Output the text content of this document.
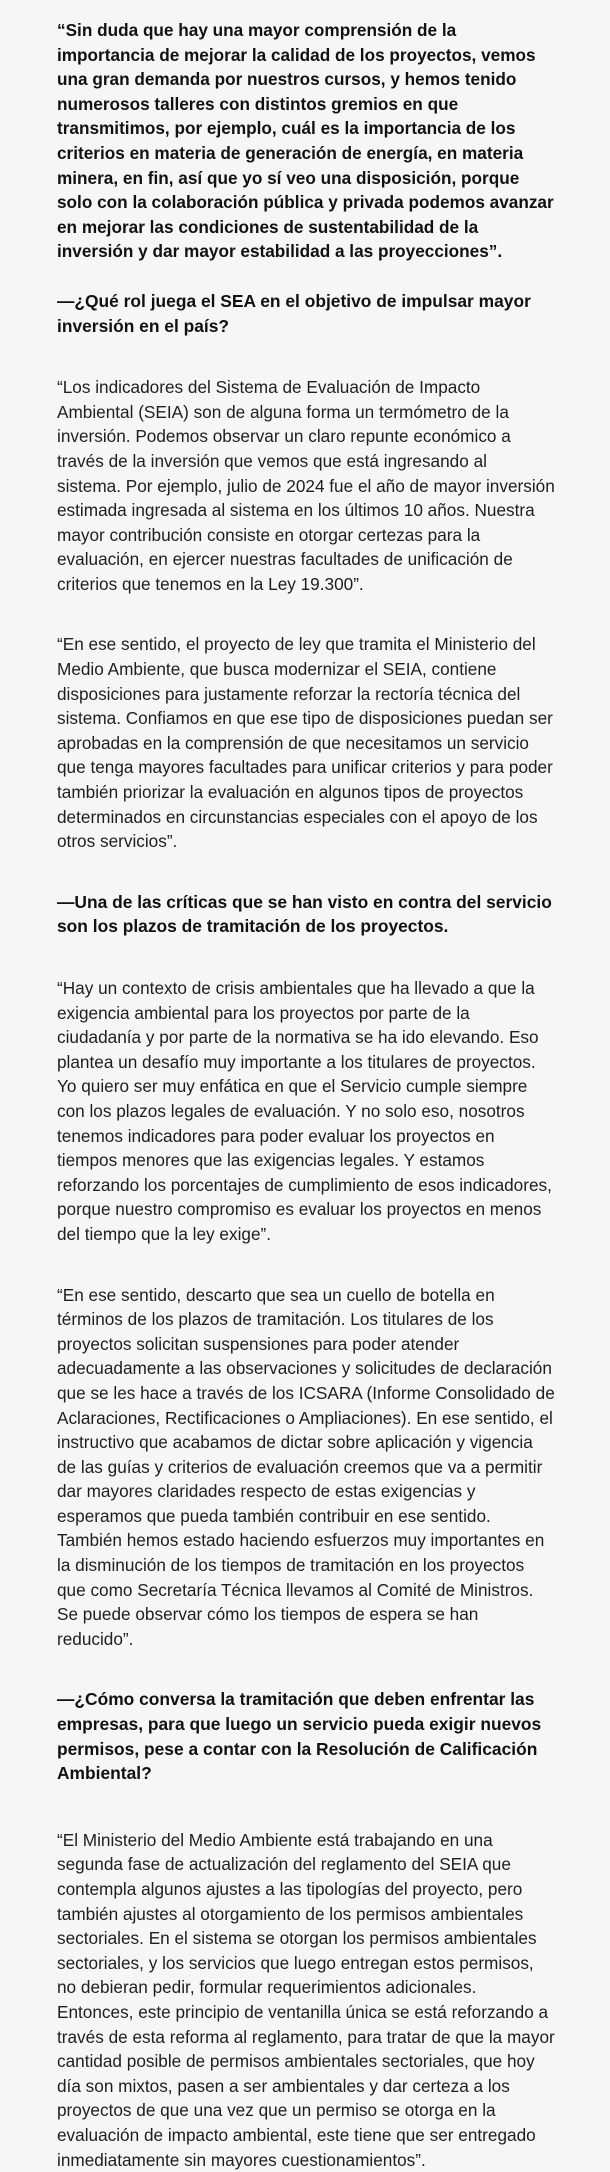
“Sin duda que hay una mayor comprensión de la importancia de mejorar la calidad de los proyectos, vemos una gran demanda por nuestros cursos, y hemos tenido numerosos talleres con distintos gremios en que transmitimos, por ejemplo, cuál es la importancia de los criterios en materia de generación de energía, en materia minera, en fin, así que yo sí veo una disposición, porque solo con la colaboración pública y privada podemos avanzar en mejorar las condiciones de sustentabilidad de la inversión y dar mayor estabilidad a las proyecciones”.

—¿Qué rol juega el SEA en el objetivo de impulsar mayor inversión en el país?

“Los indicadores del Sistema de Evaluación de Impacto Ambiental (SEIA) son de alguna forma un termómetro de la inversión. Podemos observar un claro repunte económico a través de la inversión que vemos que está ingresando al sistema. Por ejemplo, julio de 2024 fue el año de mayor inversión estimada ingresada al sistema en los últimos 10 años. Nuestra mayor contribución consiste en otorgar certezas para la evaluación, en ejercer nuestras facultades de unificación de criterios que tenemos en la Ley 19.300”.

“En ese sentido, el proyecto de ley que tramita el Ministerio del Medio Ambiente, que busca modernizar el SEIA, contiene disposiciones para justamente reforzar la rectoría técnica del sistema. Confiamos en que ese tipo de disposiciones puedan ser aprobadas en la comprensión de que necesitamos un servicio que tenga mayores facultades para unificar criterios y para poder también priorizar la evaluación en algunos tipos de proyectos determinados en circunstancias especiales con el apoyo de los otros servicios”.

—Una de las críticas que se han visto en contra del servicio son los plazos de tramitación de los proyectos.

“Hay un contexto de crisis ambientales que ha llevado a que la exigencia ambiental para los proyectos por parte de la ciudadanía y por parte de la normativa se ha ido elevando. Eso plantea un desafío muy importante a los titulares de proyectos. Yo quiero ser muy enfática en que el Servicio cumple siempre con los plazos legales de evaluación. Y no solo eso, nosotros tenemos indicadores para poder evaluar los proyectos en tiempos menores que las exigencias legales. Y estamos reforzando los porcentajes de cumplimiento de esos indicadores, porque nuestro compromiso es evaluar los proyectos en menos del tiempo que la ley exige”.

“En ese sentido, descarto que sea un cuello de botella en términos de los plazos de tramitación. Los titulares de los proyectos solicitan suspensiones para poder atender adecuadamente a las observaciones y solicitudes de declaración que se les hace a través de los ICSARA (Informe Consolidado de Aclaraciones, Rectificaciones o Ampliaciones). En ese sentido, el instructivo que acabamos de dictar sobre aplicación y vigencia de las guías y criterios de evaluación creemos que va a permitir dar mayores claridades respecto de estas exigencias y esperamos que pueda también contribuir en ese sentido. También hemos estado haciendo esfuerzos muy importantes en la disminución de los tiempos de tramitación en los proyectos que como Secretaría Técnica llevamos al Comité de Ministros. Se puede observar cómo los tiempos de espera se han reducido”.

—¿Cómo conversa la tramitación que deben enfrentar las empresas, para que luego un servicio pueda exigir nuevos permisos, pese a contar con la Resolución de Calificación Ambiental?

“El Ministerio del Medio Ambiente está trabajando en una segunda fase de actualización del reglamento del SEIA que contempla algunos ajustes a las tipologías del proyecto, pero también ajustes al otorgamiento de los permisos ambientales sectoriales. En el sistema se otorgan los permisos ambientales sectoriales, y los servicios que luego entregan estos permisos, no debieran pedir, formular requerimientos adicionales. Entonces, este principio de ventanilla única se está reforzando a través de esta reforma al reglamento, para tratar de que la mayor cantidad posible de permisos ambientales sectoriales, que hoy día son mixtos, pasen a ser ambientales y dar certeza a los proyectos de que una vez que un permiso se otorga en la evaluación de impacto ambiental, este tiene que ser entregado inmediatamente sin mayores cuestionamientos”.
